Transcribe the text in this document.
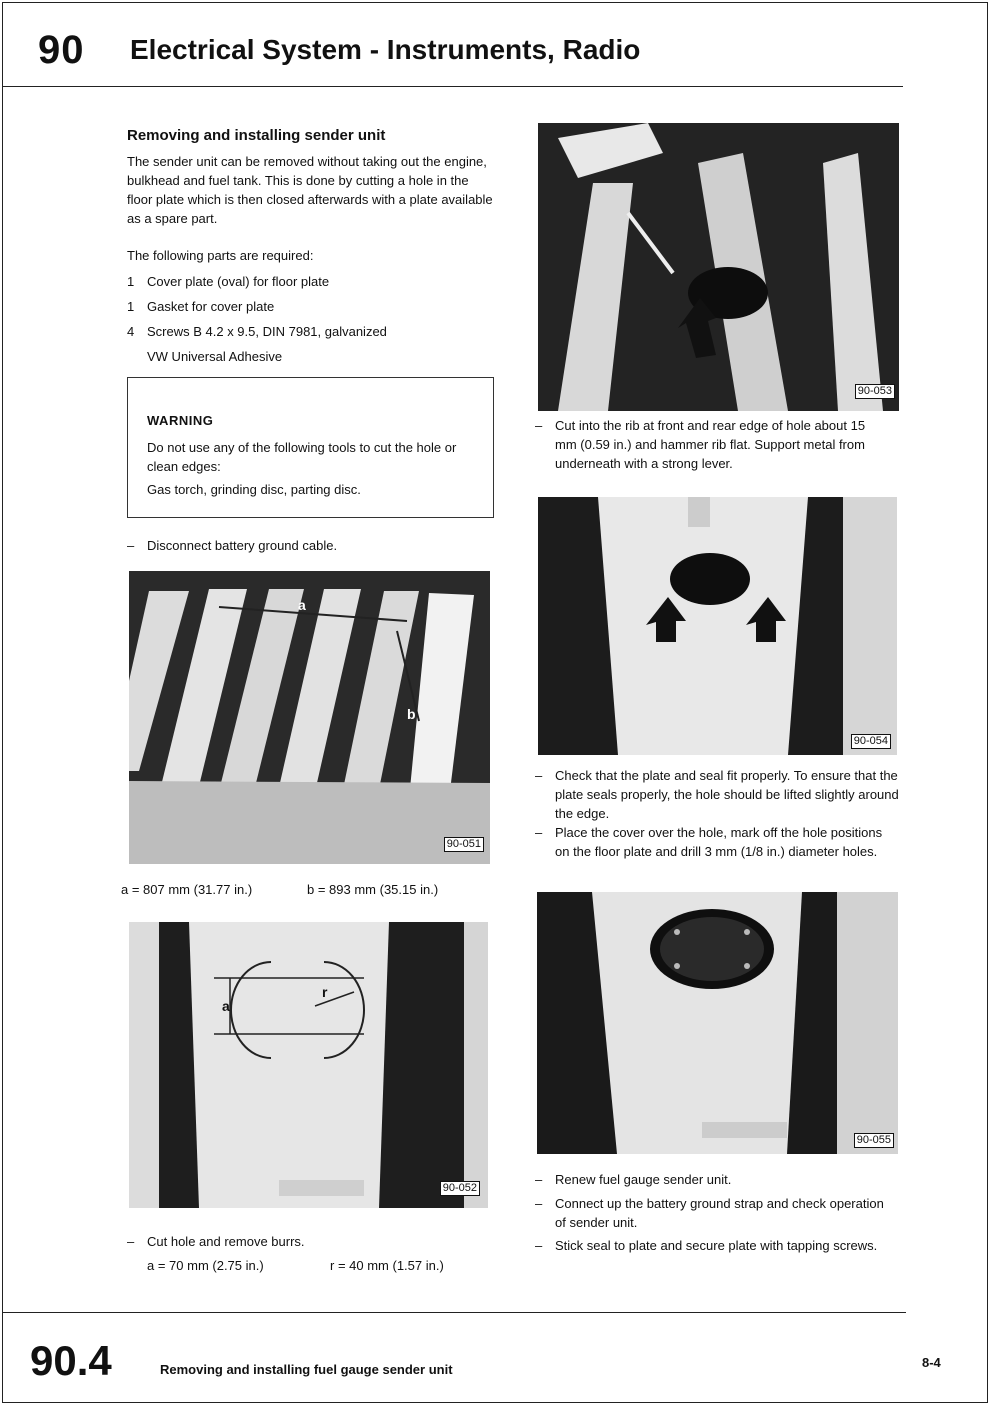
90 Electrical System - Instruments, Radio
Removing and installing sender unit
The sender unit can be removed without taking out the engine, bulkhead and fuel tank. This is done by cutting a hole in the floor plate which is then closed afterwards with a plate available as a spare part.
The following parts are required:
1 Cover plate (oval) for floor plate
1 Gasket for cover plate
4 Screws B 4.2 x 9.5, DIN 7981, galvanized
VW Universal Adhesive
WARNING
Do not use any of the following tools to cut the hole or clean edges:
Gas torch, grinding disc, parting disc.
– Disconnect battery ground cable.
a
b
90-051
a = 807 mm (31.77 in.)	b = 893 mm (35.15 in.)
a
r
90-052
– Cut hole and remove burrs.
a = 70 mm (2.75 in.)	r = 40 mm (1.57 in.)
90-053
– Cut into the rib at front and rear edge of hole about 15 mm (0.59 in.) and hammer rib flat. Support metal from underneath with a strong lever.
90-054
– Check that the plate and seal fit properly. To ensure that the plate seals properly, the hole should be lifted slightly around the edge.
– Place the cover over the hole, mark off the hole positions on the floor plate and drill 3 mm (1/8 in.) diameter holes.
90-055
– Renew fuel gauge sender unit.
– Connect up the battery ground strap and check operation of sender unit.
– Stick seal to plate and secure plate with tapping screws.
90.4	Removing and installing fuel gauge sender unit	8-4
